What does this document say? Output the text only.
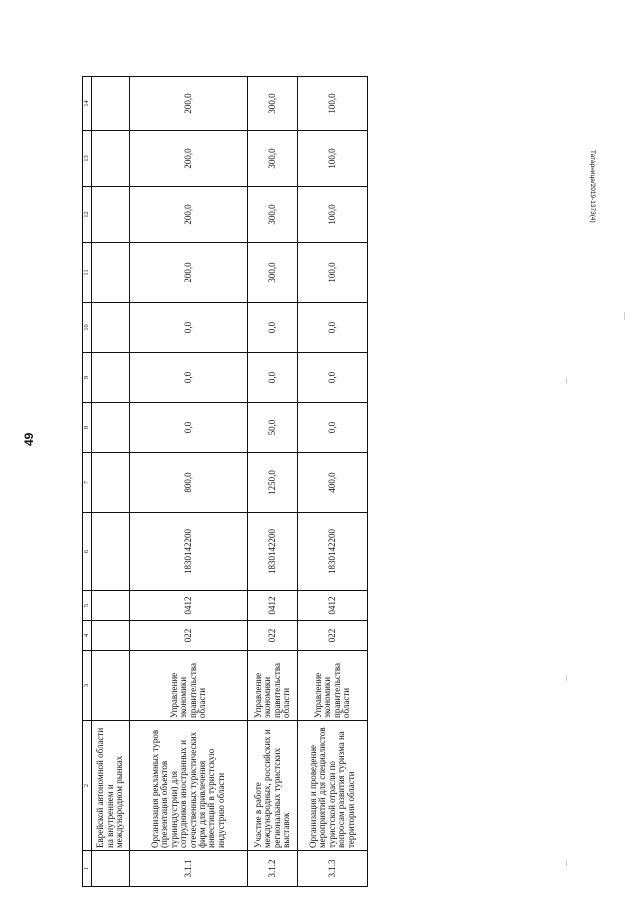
49
Татарница/2019-1373(4)
1	2	3	4	5	6	7	8	9	10	11	12	13	14
	Еврейской автономной области на внутреннем и международном рынках												
3.1.1	Организация рекламных туров (презентация объектов турииндустрии) для сотрудников иностранных и отечественных туристических фирм для привлечения инвестиций в туристскую индустрию области	Управление экономики правительства области	022	0412	1830142200	800,0	0,0	0,0	0,0	200,0	200,0	200,0	200,0
3.1.2	Участие в работе международных, российских и региональных туристских выставок	Управление экономики правительства области	022	0412	1830142200	1250,0	50,0	0,0	0,0	300,0	300,0	300,0	300,0
3.1.3	Организация и проведение мероприятий для специалистов туристской отрасли по вопросам развития туризма на территории области	Управление экономики правительства области	022	0412	1830142200	400,0	0,0	0,0	0,0	100,0	100,0	100,0	100,0
